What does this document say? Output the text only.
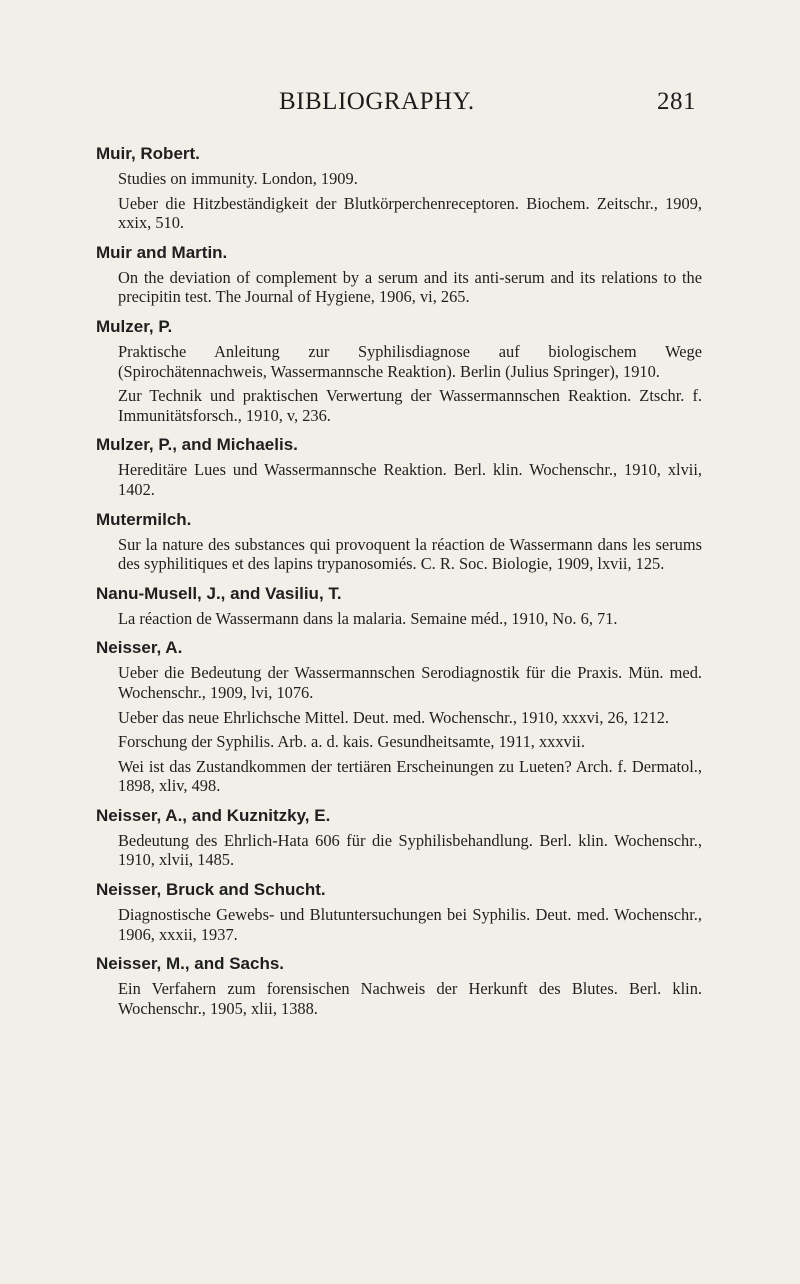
BIBLIOGRAPHY.	281
Muir, Robert.
Studies on immunity. London, 1909.
Ueber die Hitzbeständigkeit der Blutkörperchenreceptoren. Biochem. Zeitschr., 1909, xxix, 510.
Muir and Martin.
On the deviation of complement by a serum and its anti-serum and its relations to the precipitin test. The Journal of Hygiene, 1906, vi, 265.
Mulzer, P.
Praktische Anleitung zur Syphilisdiagnose auf biologischem Wege (Spirochätennachweis, Wassermannsche Reaktion). Berlin (Julius Springer), 1910.
Zur Technik und praktischen Verwertung der Wassermannschen Reaktion. Ztschr. f. Immunitätsforsch., 1910, v, 236.
Mulzer, P., and Michaelis.
Hereditäre Lues und Wassermannsche Reaktion. Berl. klin. Wochenschr., 1910, xlvii, 1402.
Mutermilch.
Sur la nature des substances qui provoquent la réaction de Wassermann dans les serums des syphilitiques et des lapins trypanosomiés. C. R. Soc. Biologie, 1909, lxvii, 125.
Nanu-Musell, J., and Vasiliu, T.
La réaction de Wassermann dans la malaria. Semaine méd., 1910, No. 6, 71.
Neisser, A.
Ueber die Bedeutung der Wassermannschen Serodiagnostik für die Praxis. Mün. med. Wochenschr., 1909, lvi, 1076.
Ueber das neue Ehrlichsche Mittel. Deut. med. Wochenschr., 1910, xxxvi, 26, 1212.
Forschung der Syphilis. Arb. a. d. kais. Gesundheitsamte, 1911, xxxvii.
Wei ist das Zustandkommen der tertiären Erscheinungen zu Lueten? Arch. f. Dermatol., 1898, xliv, 498.
Neisser, A., and Kuznitzky, E.
Bedeutung des Ehrlich-Hata 606 für die Syphilisbehandlung. Berl. klin. Wochenschr., 1910, xlvii, 1485.
Neisser, Bruck and Schucht.
Diagnostische Gewebs- und Blutuntersuchungen bei Syphilis. Deut. med. Wochenschr., 1906, xxxii, 1937.
Neisser, M., and Sachs.
Ein Verfahern zum forensischen Nachweis der Herkunft des Blutes. Berl. klin. Wochenschr., 1905, xlii, 1388.
